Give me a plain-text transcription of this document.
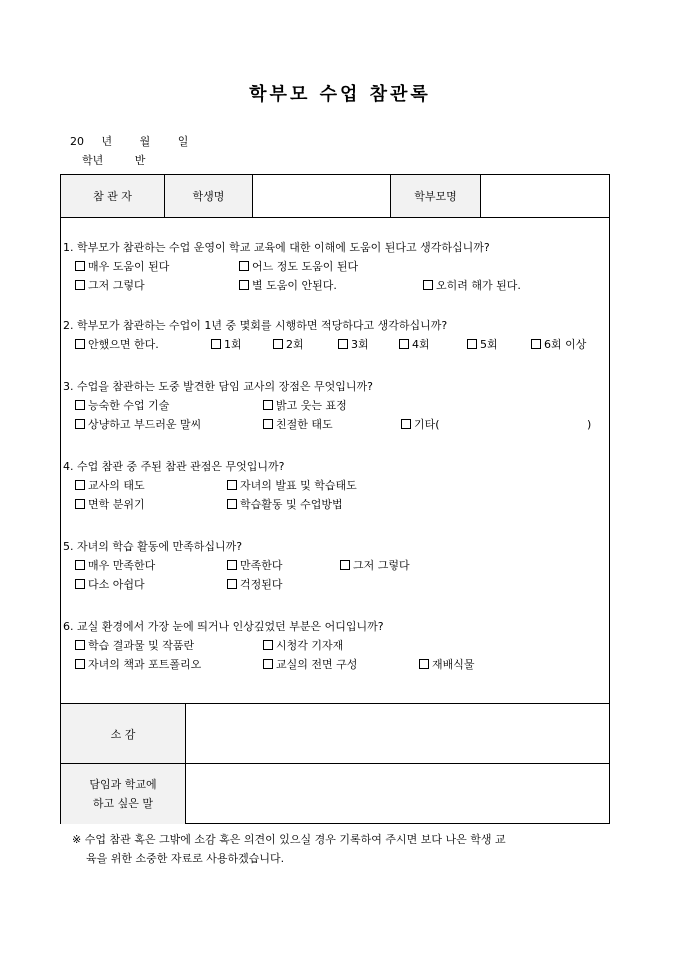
학부모 수업 참관록
20 년	월	일
학년	반
참 관 자	학생명	학부모명
1. 학부모가 참관하는 수업 운영이 학교 교육에 대한 이해에 도움이 된다고 생각하십니까?
매우 도움이 된다	어느 정도 도움이 된다
그저 그렇다	별 도움이 안된다.	오히려 해가 된다.
2. 학부모가 참관하는 수업이 1년 중 몇회를 시행하면 적당하다고 생각하십니까?
안했으면 한다.	1회	2회	3회	4회	5회	6회 이상
3. 수업을 참관하는 도중 발견한 담임 교사의 장점은 무엇입니까?
능숙한 수업 기술	밝고 웃는 표정
상냥하고 부드러운 말씨	친절한 태도	기타(	)
4. 수업 참관 중 주된 참관 관점은 무엇입니까?
교사의 태도	자녀의 발표 및 학습태도
면학 분위기	학습활동 및 수업방법
5. 자녀의 학습 활동에 만족하십니까?
매우 만족한다	만족한다	그저 그렇다
다소 아쉽다	걱정된다
6. 교실 환경에서 가장 눈에 띄거나 인상깊었던 부분은 어디입니까?
학습 결과물 및 작품란	시청각 기자재
자녀의 책과 포트폴리오	교실의 전면 구성	재배식물
소 감
담임과 학교에
하고 싶은 말
※ 수업 참관 혹은 그밖에 소감 혹은 의견이 있으실 경우 기록하여 주시면 보다 나은 학생 교
육을 위한 소중한 자료로 사용하겠습니다.
